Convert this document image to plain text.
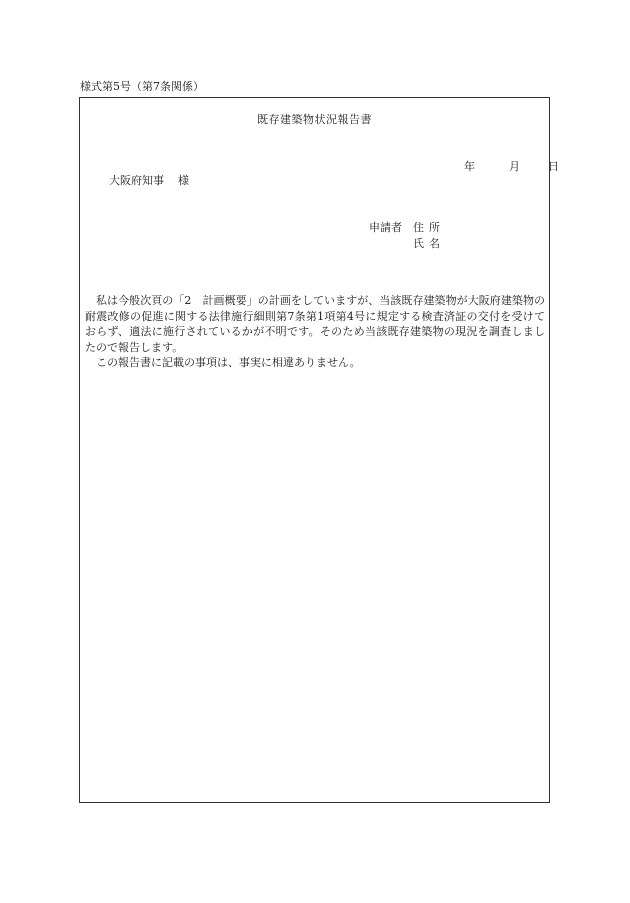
様式第5号（第7条関係）
既存建築物状況報告書
年	月	日
大阪府知事 様
申請者	住所
氏名

私は今般次頁の「2　計画概要」の計画をしていますが、当該既存建築物が大阪府建築物の耐震改修の促進に関する法律施行細則第7条第1項第4号に規定する検査済証の交付を受けておらず、適法に施行されているかが不明です。そのため当該既存建築物の現況を調査しましたので報告します。

この報告書に記載の事項は、事実に相違ありません。
